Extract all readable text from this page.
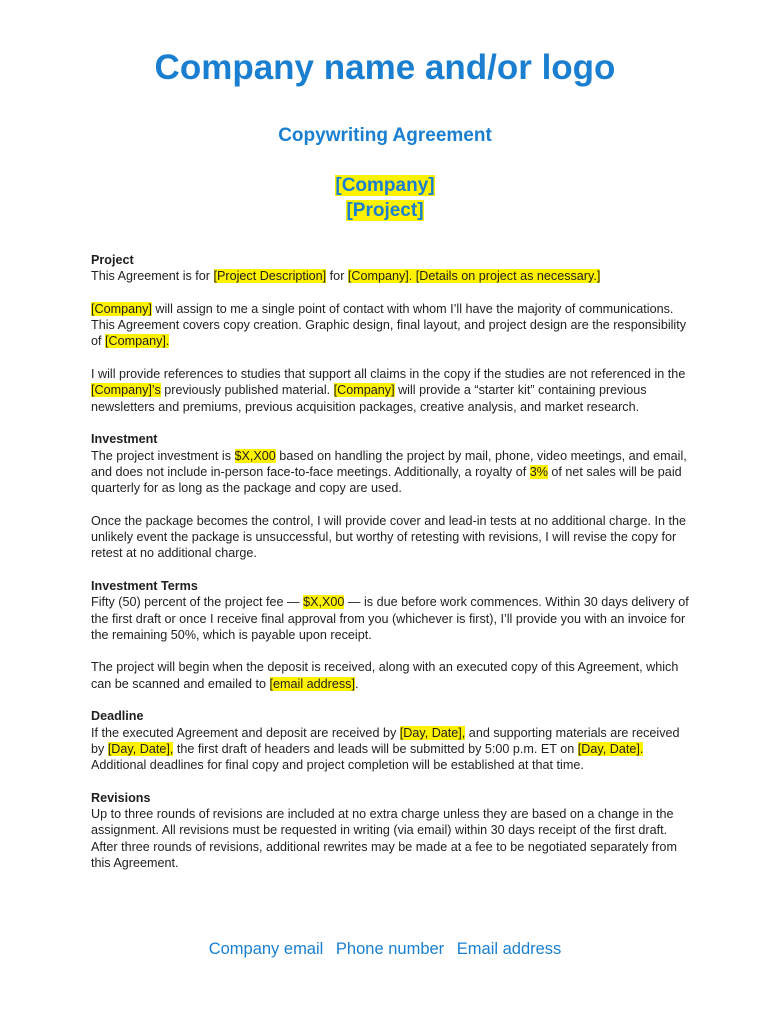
Company name and/or logo
Copywriting Agreement
[Company]
[Project]
Project

This Agreement is for [Project Description] for [Company]. [Details on project as necessary.]

[Company] will assign to me a single point of contact with whom I’ll have the majority of communications. This Agreement covers copy creation. Graphic design, final layout, and project design are the responsibility of [Company].

I will provide references to studies that support all claims in the copy if the studies are not referenced in the [Company]’s previously published material. [Company] will provide a “starter kit” containing previous newsletters and premiums, previous acquisition packages, creative analysis, and market research.

Investment

The project investment is $X,X00 based on handling the project by mail, phone, video meetings, and email, and does not include in-person face-to-face meetings. Additionally, a royalty of 3% of net sales will be paid quarterly for as long as the package and copy are used.

Once the package becomes the control, I will provide cover and lead-in tests at no additional charge. In the unlikely event the package is unsuccessful, but worthy of retesting with revisions, I will revise the copy for retest at no additional charge.

Investment Terms

Fifty (50) percent of the project fee — $X,X00 — is due before work commences. Within 30 days delivery of the first draft or once I receive final approval from you (whichever is first), I’ll provide you with an invoice for the remaining 50%, which is payable upon receipt.

The project will begin when the deposit is received, along with an executed copy of this Agreement, which can be scanned and emailed to [email address].

Deadline

If the executed Agreement and deposit are received by [Day, Date], and supporting materials are received by [Day, Date], the first draft of headers and leads will be submitted by 5:00 p.m. ET on [Day, Date]. Additional deadlines for final copy and project completion will be established at that time.

Revisions

Up to three rounds of revisions are included at no extra charge unless they are based on a change in the assignment. All revisions must be requested in writing (via email) within 30 days receipt of the first draft. After three rounds of revisions, additional rewrites may be made at a fee to be negotiated separately from this Agreement.

Company email Phone number Email address
